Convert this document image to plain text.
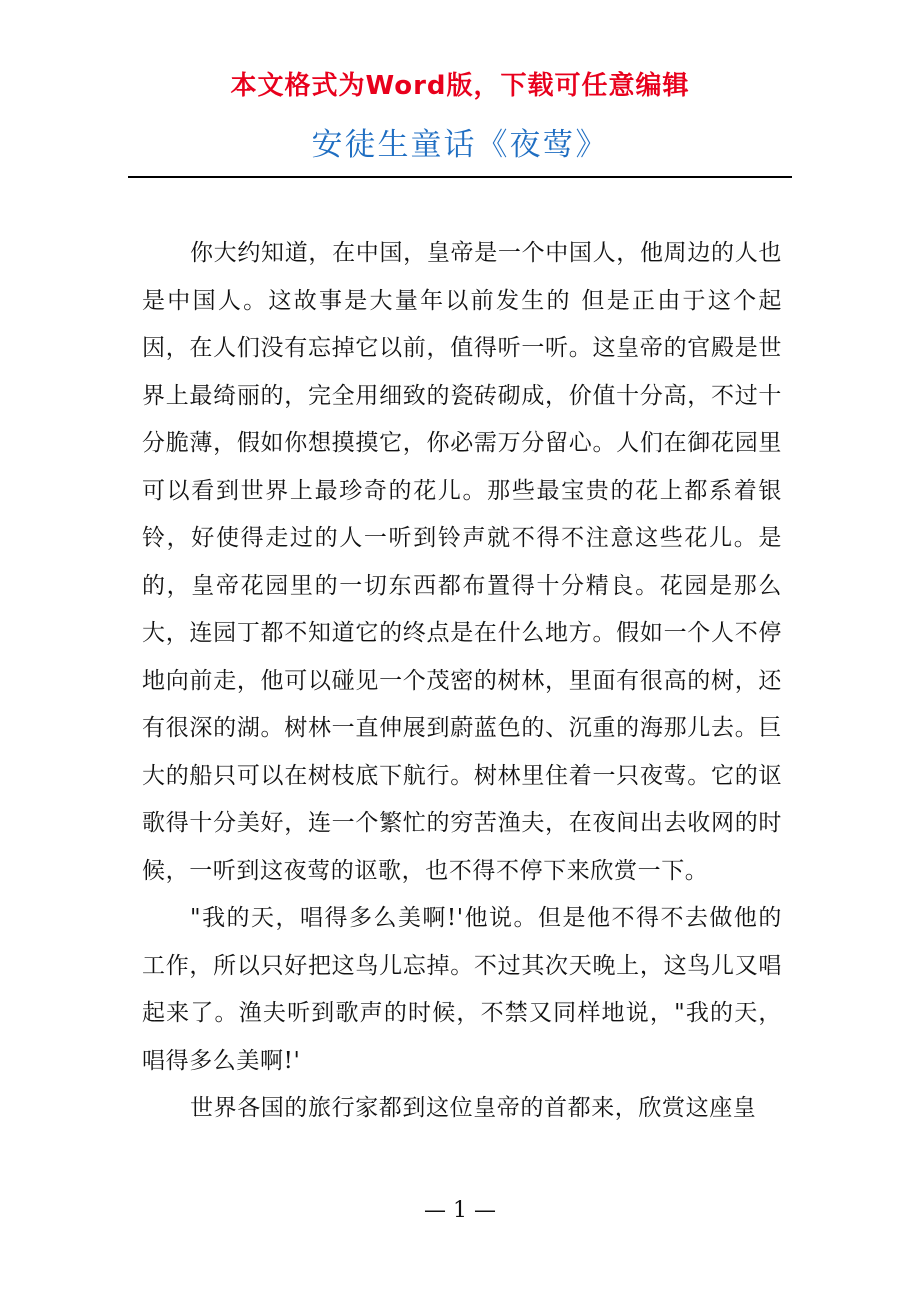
本文格式为Word版，下载可任意编辑
安徒生童话《夜莺》

你大约知道，在中国，皇帝是一个中国人，他周边的人也是中国人。这故事是大量年以前发生的 但是正由于这个起因，在人们没有忘掉它以前，值得听一听。这皇帝的官殿是世界上最绮丽的，完全用细致的瓷砖砌成，价值十分高，不过十分脆薄，假如你想摸摸它，你必需万分留心。人们在御花园里可以看到世界上最珍奇的花儿。那些最宝贵的花上都系着银铃，好使得走过的人一听到铃声就不得不注意这些花儿。是的，皇帝花园里的一切东西都布置得十分精良。花园是那么大，连园丁都不知道它的终点是在什么地方。假如一个人不停地向前走，他可以碰见一个茂密的树林，里面有很高的树，还有很深的湖。树林一直伸展到蔚蓝色的、沉重的海那儿去。巨大的船只可以在树枝底下航行。树林里住着一只夜莺。它的讴歌得十分美好，连一个繁忙的穷苦渔夫，在夜间出去收网的时候，一听到这夜莺的讴歌，也不得不停下来欣赏一下。

"我的天，唱得多么美啊!'他说。但是他不得不去做他的工作，所以只好把这鸟儿忘掉。不过其次天晚上，这鸟儿又唱起来了。渔夫听到歌声的时候，不禁又同样地说，"我的天，唱得多么美啊!'

世界各国的旅行家都到这位皇帝的首都来，欣赏这座皇

— 1 —
